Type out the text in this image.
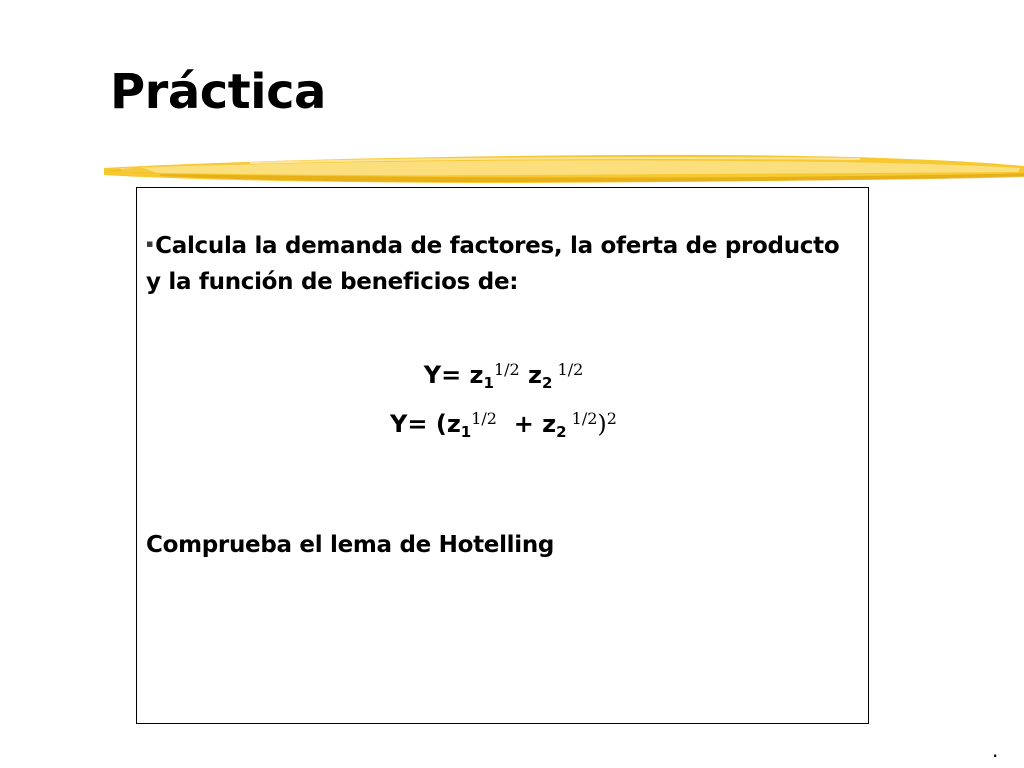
Práctica

▪Calcula la demanda de factores, la oferta de producto y la función de beneficios de:

$Y= z_1^{1/2}$ $z_2$ $^{1/2}$

$Y= (z_1^{1/2} + z_2$ $^{1/2}$)$^2$

Comprueba el lema de Hotelling

.
